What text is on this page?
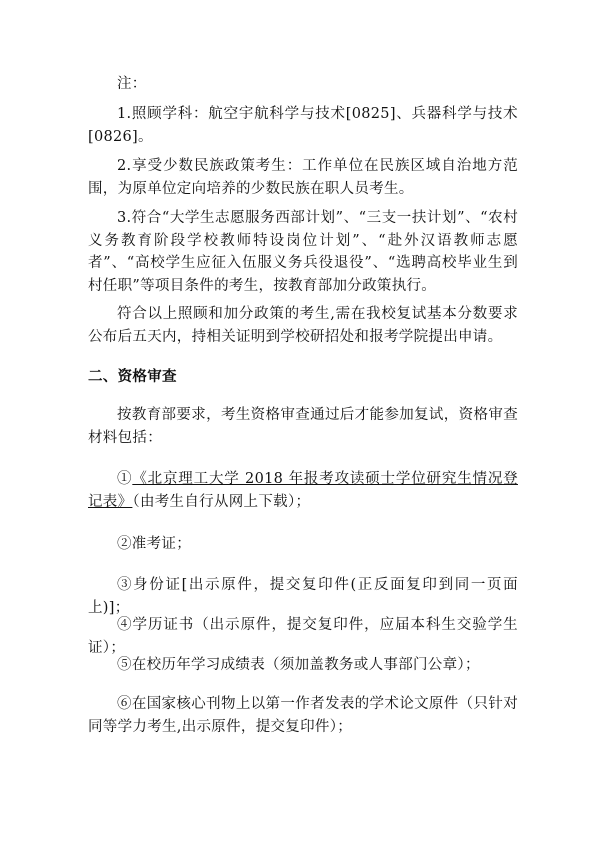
注：

1.照顾学科：航空宇航科学与技术[0825]、兵器科学与技术[0826]。

2.享受少数民族政策考生：工作单位在民族区域自治地方范围，为原单位定向培养的少数民族在职人员考生。

3.符合“大学生志愿服务西部计划”、“三支一扶计划”、“农村义务教育阶段学校教师特设岗位计划”、“赴外汉语教师志愿者”、“高校学生应征入伍服义务兵役退役”、“选聘高校毕业生到村任职”等项目条件的考生，按教育部加分政策执行。

符合以上照顾和加分政策的考生,需在我校复试基本分数要求公布后五天内，持相关证明到学校研招处和报考学院提出申请。

二、资格审查

按教育部要求，考生资格审查通过后才能参加复试，资格审查材料包括：

①《北京理工大学 2018 年报考攻读硕士学位研究生情况登记表》（由考生自行从网上下载）；

②准考证；

③身份证[出示原件，提交复印件(正反面复印到同一页面上)]；

④学历证书（出示原件，提交复印件，应届本科生交验学生证）；

⑤在校历年学习成绩表（须加盖教务或人事部门公章）；

⑥在国家核心刊物上以第一作者发表的学术论文原件（只针对同等学力考生,出示原件，提交复印件）；
